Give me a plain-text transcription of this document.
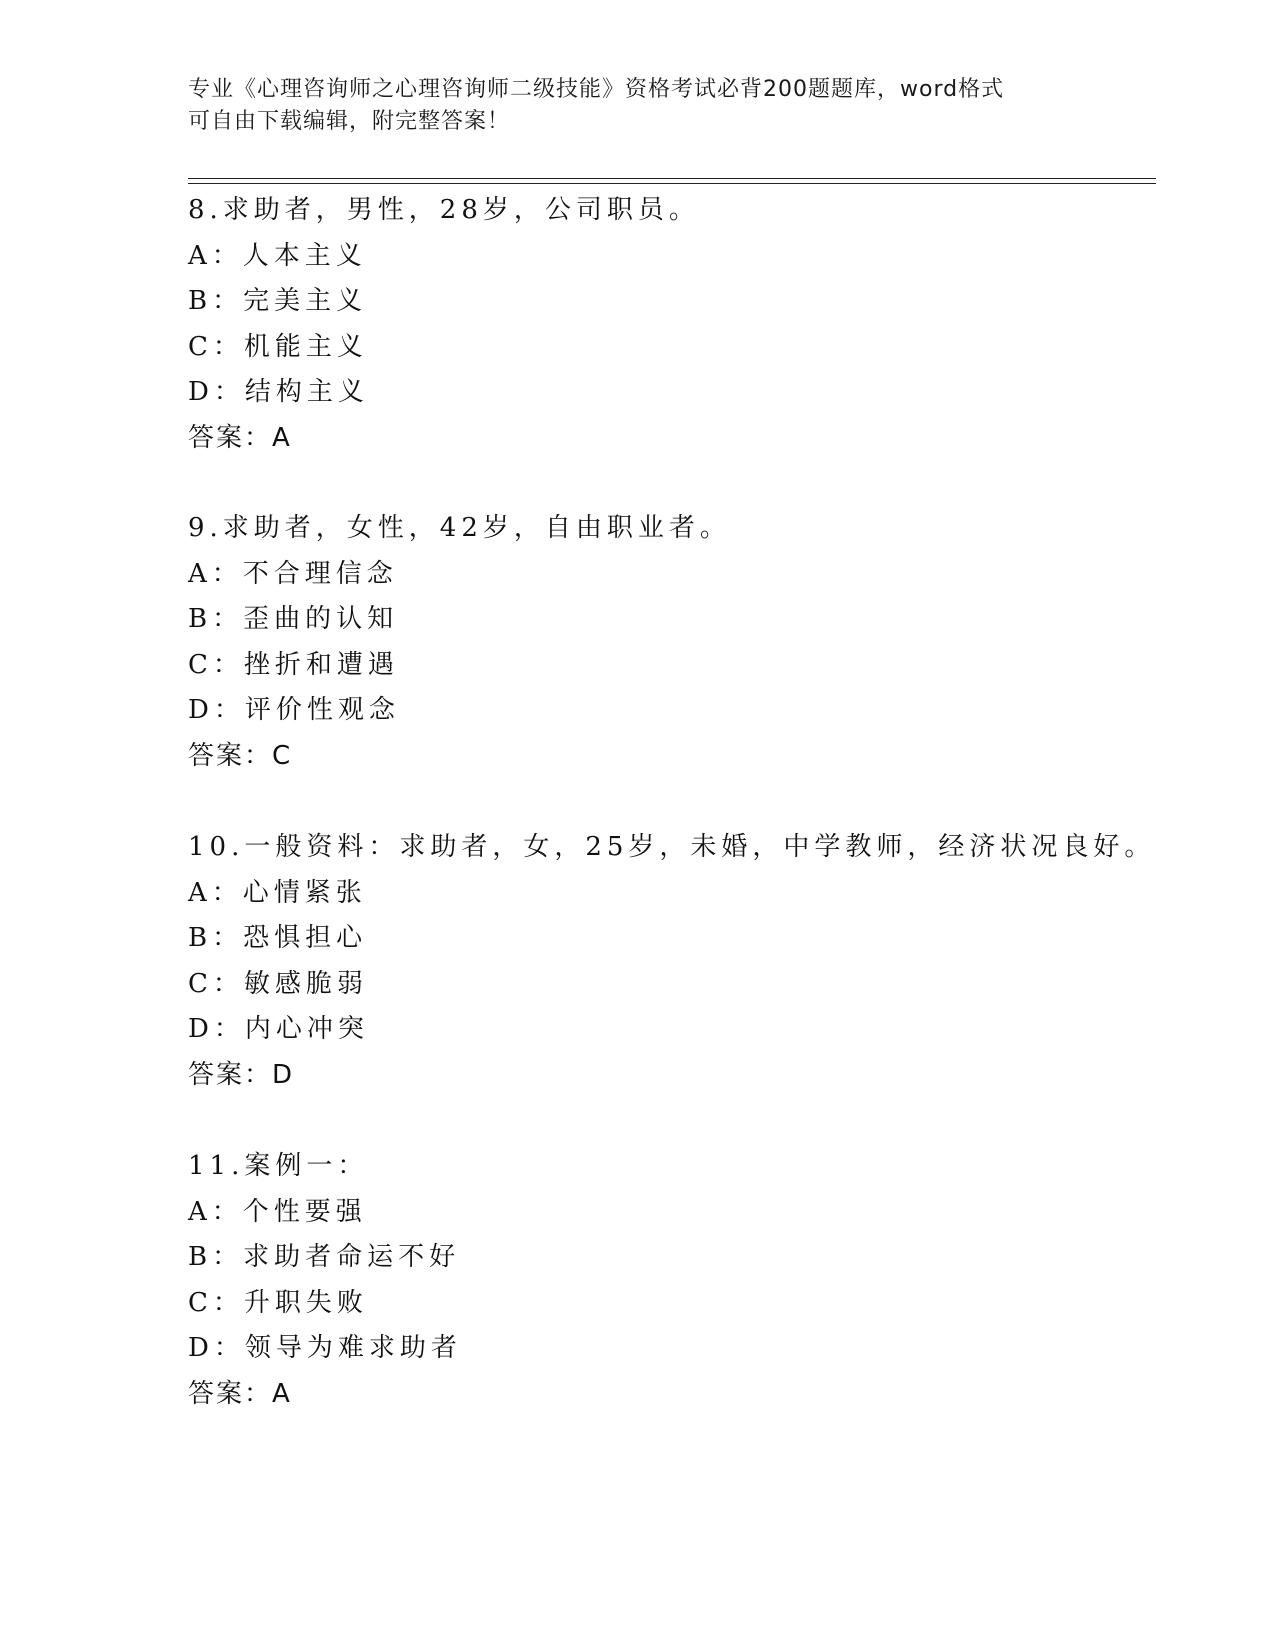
专业《心理咨询师之心理咨询师二级技能》资格考试必背200题题库，word格式
可自由下载编辑，附完整答案！
8.求助者，男性，28岁，公司职员。
A：人本主义
B：完美主义
C：机能主义
D：结构主义
答案：A
9.求助者，女性，42岁，自由职业者。
A：不合理信念
B：歪曲的认知
C：挫折和遭遇
D：评价性观念
答案：C
10.一般资料：求助者，女，25岁，未婚，中学教师，经济状况良好。
A：心情紧张
B：恐惧担心
C：敏感脆弱
D：内心冲突
答案：D
11.案例一：
A：个性要强
B：求助者命运不好
C：升职失败
D：领导为难求助者
答案：A
